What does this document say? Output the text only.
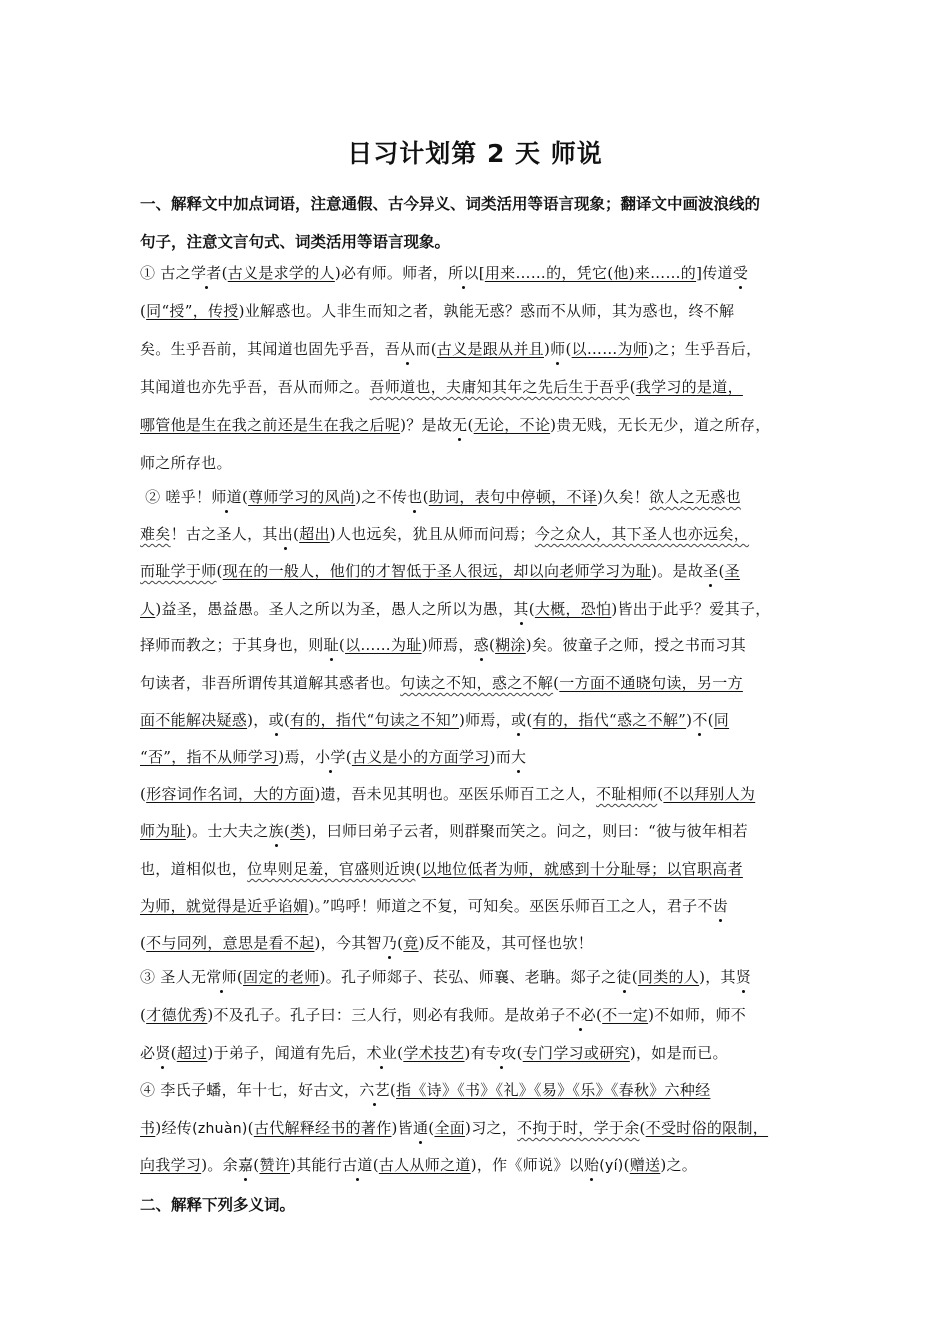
日习计划第 2 天 师说
一、解释文中加点词语，注意通假、古今异义、词类活用等语言现象；翻译文中画波浪线的
句子，注意文言句式、词类活用等语言现象。
① 古之学者(古义是求学的人)必有师。师者，所以[用来……的，凭它(他)来……的]传道受
(同“授”，传授)业解惑也。人非生而知之者，孰能无惑？惑而不从师，其为惑也，终不解
矣。生乎吾前，其闻道也固先乎吾，吾从而(古义是跟从并且)师(以……为师)之；生乎吾后，
其闻道也亦先乎吾，吾从而师之。吾师道也，夫庸知其年之先后生于吾乎(我学习的是道，
哪管他是生在我之前还是生在我之后呢)？是故无(无论，不论)贵无贱，无长无少，道之所存，
师之所存也。
② 嗟乎！师道(尊师学习的风尚)之不传也(助词，表句中停顿，不译)久矣！欲人之无惑也
难矣！古之圣人，其出(超出)人也远矣，犹且从师而问焉；今之众人，其下圣人也亦远矣，
而耻学于师(现在的一般人，他们的才智低于圣人很远，却以向老师学习为耻)。是故圣(圣
人)益圣，愚益愚。圣人之所以为圣，愚人之所以为愚，其(大概，恐怕)皆出于此乎？爱其子，
择师而教之；于其身也，则耻(以……为耻)师焉，惑(糊涂)矣。彼童子之师，授之书而习其
句读者，非吾所谓传其道解其惑者也。句读之不知，惑之不解(一方面不通晓句读，另一方
面不能解决疑惑)，或(有的，指代“句读之不知”)师焉，或(有的，指代“惑之不解”)不(同
“否”，指不从师学习)焉，小学(古义是小的方面学习)而大
(形容词作名词，大的方面)遗，吾未见其明也。巫医乐师百工之人，不耻相师(不以拜别人为
师为耻)。士大夫之族(类)，曰师曰弟子云者，则群聚而笑之。问之，则曰：“彼与彼年相若
也，道相似也，位卑则足羞，官盛则近谀(以地位低者为师，就感到十分耻辱；以官职高者
为师，就觉得是近乎谄媚)。”呜呼！师道之不复，可知矣。巫医乐师百工之人，君子不齿
(不与同列，意思是看不起)，今其智乃(竟)反不能及，其可怪也欤！
③ 圣人无常师(固定的老师)。孔子师郯子、苌弘、师襄、老聃。郯子之徒(同类的人)，其贤
(才德优秀)不及孔子。孔子曰：三人行，则必有我师。是故弟子不必(不一定)不如师，师不
必贤(超过)于弟子，闻道有先后，术业(学术技艺)有专攻(专门学习或研究)，如是而已。
④ 李氏子蟠，年十七，好古文，六艺(指《诗》《书》《礼》《易》《乐》《春秋》六种经
书)经传(zhuàn)(古代解释经书的著作)皆通(全面)习之，不拘于时，学于余(不受时俗的限制，
向我学习)。余嘉(赞许)其能行古道(古人从师之道)，作《师说》以贻(yí)(赠送)之。
二、解释下列多义词。
